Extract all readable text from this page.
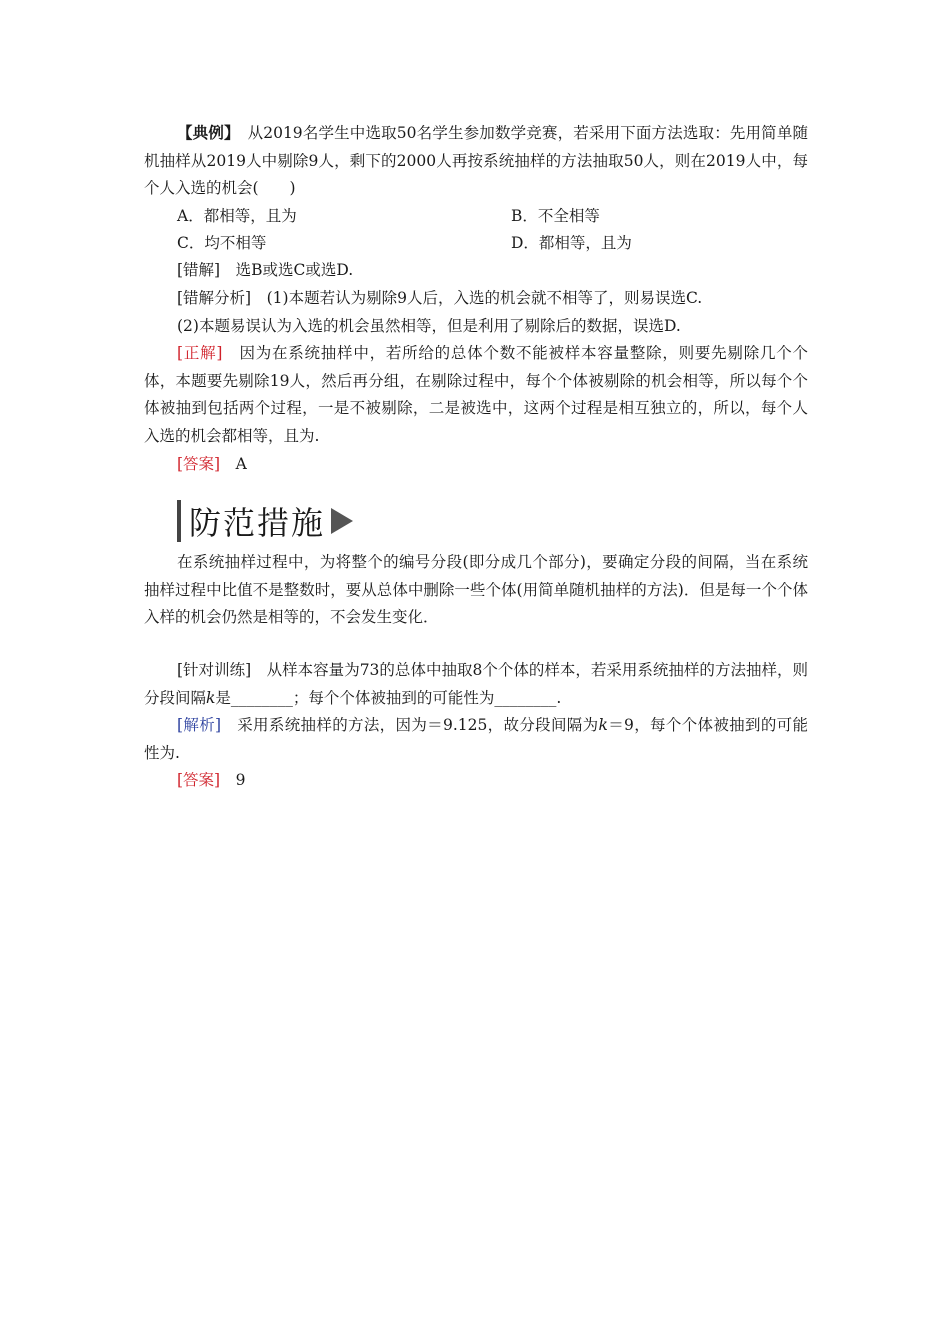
【典例】　 从2019名学生中选取50名学生参加数学竞赛，若采用下面方法选取：先用简单随机抽样从2019人中剔除9人，剩下的2000人再按系统抽样的方法抽取50人，则在2019人中，每个人入选的机会(　　)

A．都相等，且为	B．不全相等
C．均不相等	D．都相等，且为

[错解]　 选B或选C或选D.

[错解分析]　 (1)本题若认为剔除9人后，入选的机会就不相等了，则易误选C.

(2)本题易误认为入选的机会虽然相等，但是利用了剔除后的数据，误选D.

[正解]　 因为在系统抽样中，若所给的总体个数不能被样本容量整除，则要先剔除几个个体，本题要先剔除19人，然后再分组，在剔除过程中，每个个体被剔除的机会相等，所以每个个体被抽到包括两个过程，一是不被剔除，二是被选中，这两个过程是相互独立的，所以，每个人入选的机会都相等，且为.

[答案]　 A

防范措施

在系统抽样过程中，为将整个的编号分段(即分成几个部分)，要确定分段的间隔，当在系统抽样过程中比值不是整数时，要从总体中删除一些个体(用简单随机抽样的方法)．但是每一个个体入样的机会仍然是相等的，不会发生变化．

[针对训练]　 从样本容量为73的总体中抽取8个个体的样本，若采用系统抽样的方法抽样，则分段间隔k是________；每个个体被抽到的可能性为________.

[解析]　 采用系统抽样的方法，因为＝9.125，故分段间隔为k＝9，每个个体被抽到的可能性为.

[答案]　 9
